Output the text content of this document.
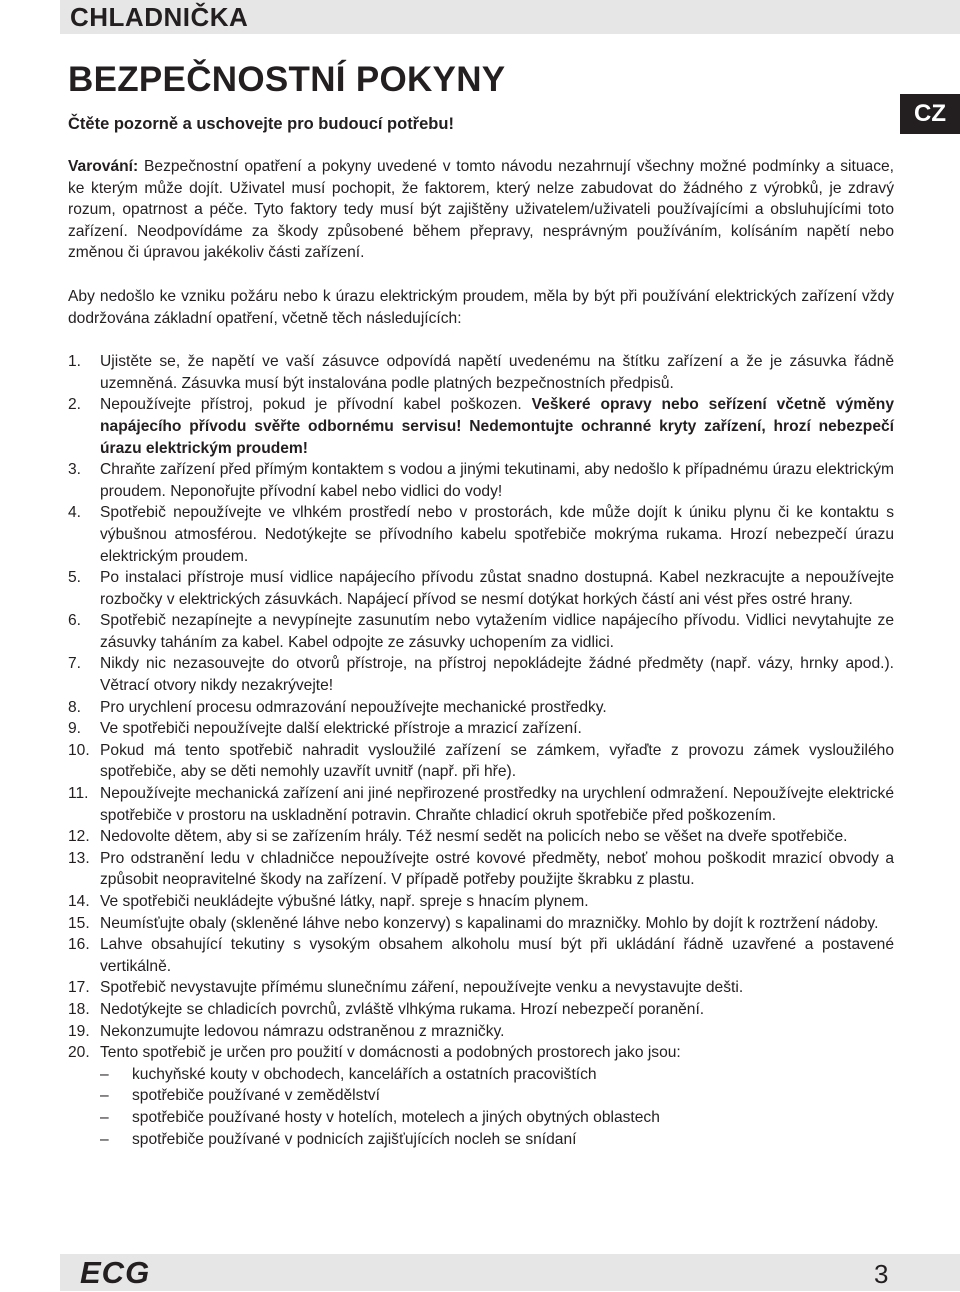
CHLADNIČKA
CZ
BEZPEČNOSTNÍ POKYNY

Čtěte pozorně a uschovejte pro budoucí potřebu!

Varování: Bezpečnostní opatření a pokyny uvedené v tomto návodu nezahrnují všechny možné podmínky a situace, ke kterým může dojít. Uživatel musí pochopit, že faktorem, který nelze zabudovat do žádného z výrobků, je zdravý rozum, opatrnost a péče. Tyto faktory tedy musí být zajištěny uživatelem/uživateli používajícími a obsluhujícími toto zařízení. Neodpovídáme za škody způsobené během přepravy, nesprávným používáním, kolísáním napětí nebo změnou či úpravou jakékoliv části zařízení.

Aby nedošlo ke vzniku požáru nebo k úrazu elektrickým proudem, měla by být při používání elektrických zařízení vždy dodržována základní opatření, včetně těch následujících:

1. Ujistěte se, že napětí ve vaší zásuvce odpovídá napětí uvedenému na štítku zařízení a že je zásuvka řádně uzemněná. Zásuvka musí být instalována podle platných bezpečnostních předpisů.
2. Nepoužívejte přístroj, pokud je přívodní kabel poškozen. Veškeré opravy nebo seřízení včetně výměny napájecího přívodu svěřte odbornému servisu! Nedemontujte ochranné kryty zařízení, hrozí nebezpečí úrazu elektrickým proudem!
3. Chraňte zařízení před přímým kontaktem s vodou a jinými tekutinami, aby nedošlo k případnému úrazu elektrickým proudem. Neponořujte přívodní kabel nebo vidlici do vody!
4. Spotřebič nepoužívejte ve vlhkém prostředí nebo v prostorách, kde může dojít k úniku plynu či ke kontaktu s výbušnou atmosférou. Nedotýkejte se přívodního kabelu spotřebiče mokrýma rukama. Hrozí nebezpečí úrazu elektrickým proudem.
5. Po instalaci přístroje musí vidlice napájecího přívodu zůstat snadno dostupná. Kabel nezkracujte a nepoužívejte rozbočky v elektrických zásuvkách. Napájecí přívod se nesmí dotýkat horkých částí ani vést přes ostré hrany.
6. Spotřebič nezapínejte a nevypínejte zasunutím nebo vytažením vidlice napájecího přívodu. Vidlici nevytahujte ze zásuvky taháním za kabel. Kabel odpojte ze zásuvky uchopením za vidlici.
7. Nikdy nic nezasouvejte do otvorů přístroje, na přístroj nepokládejte žádné předměty (např. vázy, hrnky apod.). Větrací otvory nikdy nezakrývejte!
8. Pro urychlení procesu odmrazování nepoužívejte mechanické prostředky.
9. Ve spotřebiči nepoužívejte další elektrické přístroje a mrazicí zařízení.
10. Pokud má tento spotřebič nahradit vysloužilé zařízení se zámkem, vyřaďte z provozu zámek vysloužilého spotřebiče, aby se děti nemohly uzavřít uvnitř (např. při hře).
11. Nepoužívejte mechanická zařízení ani jiné nepřirozené prostředky na urychlení odmražení. Nepoužívejte elektrické spotřebiče v prostoru na uskladnění potravin. Chraňte chladicí okruh spotřebiče před poškozením.
12. Nedovolte dětem, aby si se zařízením hrály. Též nesmí sedět na policích nebo se věšet na dveře spotřebiče.
13. Pro odstranění ledu v chladničce nepoužívejte ostré kovové předměty, neboť mohou poškodit mrazicí obvody a způsobit neopravitelné škody na zařízení. V případě potřeby použijte škrabku z plastu.
14. Ve spotřebiči neukládejte výbušné látky, např. spreje s hnacím plynem.
15. Neumísťujte obaly (skleněné láhve nebo konzervy) s kapalinami do mrazničky. Mohlo by dojít k roztržení nádoby.
16. Lahve obsahující tekutiny s vysokým obsahem alkoholu musí být při ukládání řádně uzavřené a postavené vertikálně.
17. Spotřebič nevystavujte přímému slunečnímu záření, nepoužívejte venku a nevystavujte dešti.
18. Nedotýkejte se chladicích povrchů, zvláště vlhkýma rukama. Hrozí nebezpečí poranění.
19. Nekonzumujte ledovou námrazu odstraněnou z mrazničky.
20. Tento spotřebič je určen pro použití v domácnosti a podobných prostorech jako jsou:
– kuchyňské kouty v obchodech, kancelářích a ostatních pracovištích
– spotřebiče používané v zemědělství
– spotřebiče používané hosty v hotelích, motelech a jiných obytných oblastech
– spotřebiče používané v podnicích zajišťujících nocleh se snídaní
ECG	3
